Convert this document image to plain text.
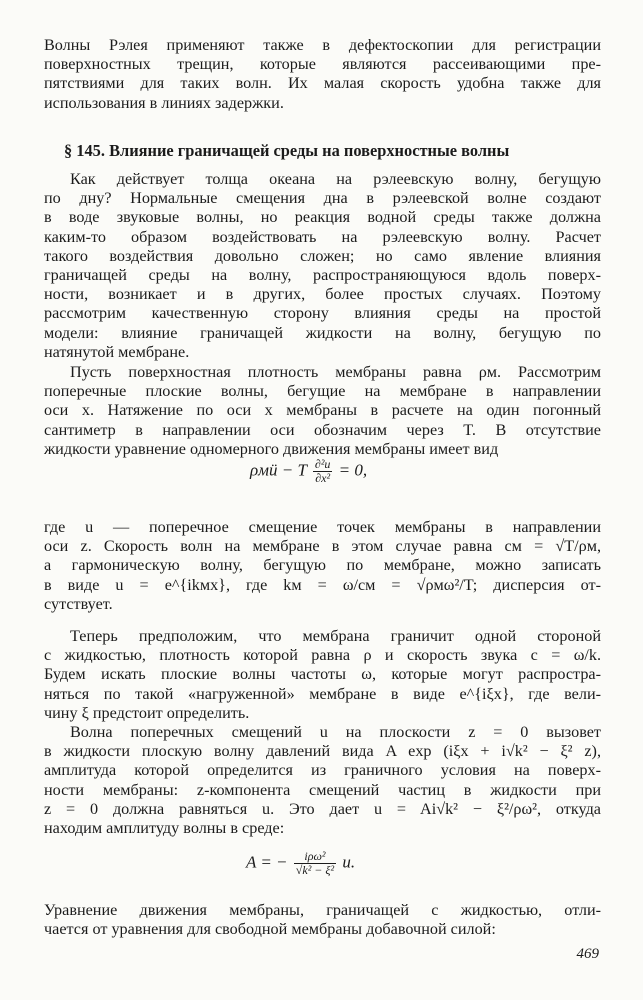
Волны Рэлея применяют также в дефектоскопии для регистрации
поверхностных трещин, которые являются рассеивающими пре-
пятствиями для таких волн. Их малая скорость удобна также для
использования в линиях задержки.
§ 145. Влияние граничащей среды на поверхностные волны
Как действует толща океана на рэлеевскую волну, бегущую
по дну? Нормальные смещения дна в рэлеевской волне создают
в воде звуковые волны, но реакция водной среды также должна
каким-то образом воздействовать на рэлеевскую волну. Расчет
такого воздействия довольно сложен; но само явление влияния
граничащей среды на волну, распространяющуюся вдоль поверх-
ности, возникает и в других, более простых случаях. Поэтому
рассмотрим качественную сторону влияния среды на простой
модели: влияние граничащей жидкости на волну, бегущую по
натянутой мембране.
Пусть поверхностная плотность мембраны равна ρм. Рассмотрим
поперечные плоские волны, бегущие на мембране в направлении
оси x. Натяжение по оси x мембраны в расчете на один погонный
сантиметр в направлении оси обозначим через T. В отсутствие
жидкости уравнение одномерного движения мембраны имеет вид
ρмü − T $\frac{\text{∂²u}}{\text{∂x²}} = 0$,
где u — поперечное смещение точек мембраны в направлении
оси z. Скорость волн на мембране в этом случае равна cм = √T/ρм,
а гармоническую волну, бегущую по мембране, можно записать
в виде u = e^{ikмx}, где kм = ω/cм = √ρмω²/T; дисперсия от-
сутствует.
Теперь предположим, что мембрана граничит одной стороной
с жидкостью, плотность которой равна ρ и скорость звука c = ω/k.
Будем искать плоские волны частоты ω, которые могут распростра-
няться по такой «нагруженной» мембране в виде e^{iξx}, где вели-
чину ξ предстоит определить.
Волна поперечных смещений u на плоскости z = 0 вызовет
в жидкости плоскую волну давлений вида A exp (iξx + i√k² − ξ² z),
амплитуда которой определится из граничного условия на поверх-
ности мембраны: z-компонента смещений частиц в жидкости при
z = 0 должна равняться u. Это дает u = Ai√k² − ξ²/ρω², откуда
находим амплитуду волны в среде:
A = − $\frac{\text{iρω²}}{\text{√k² − ξ²}} u$.
Уравнение движения мембраны, граничащей с жидкостью, отли-
чается от уравнения для свободной мембраны добавочной силой:
469
